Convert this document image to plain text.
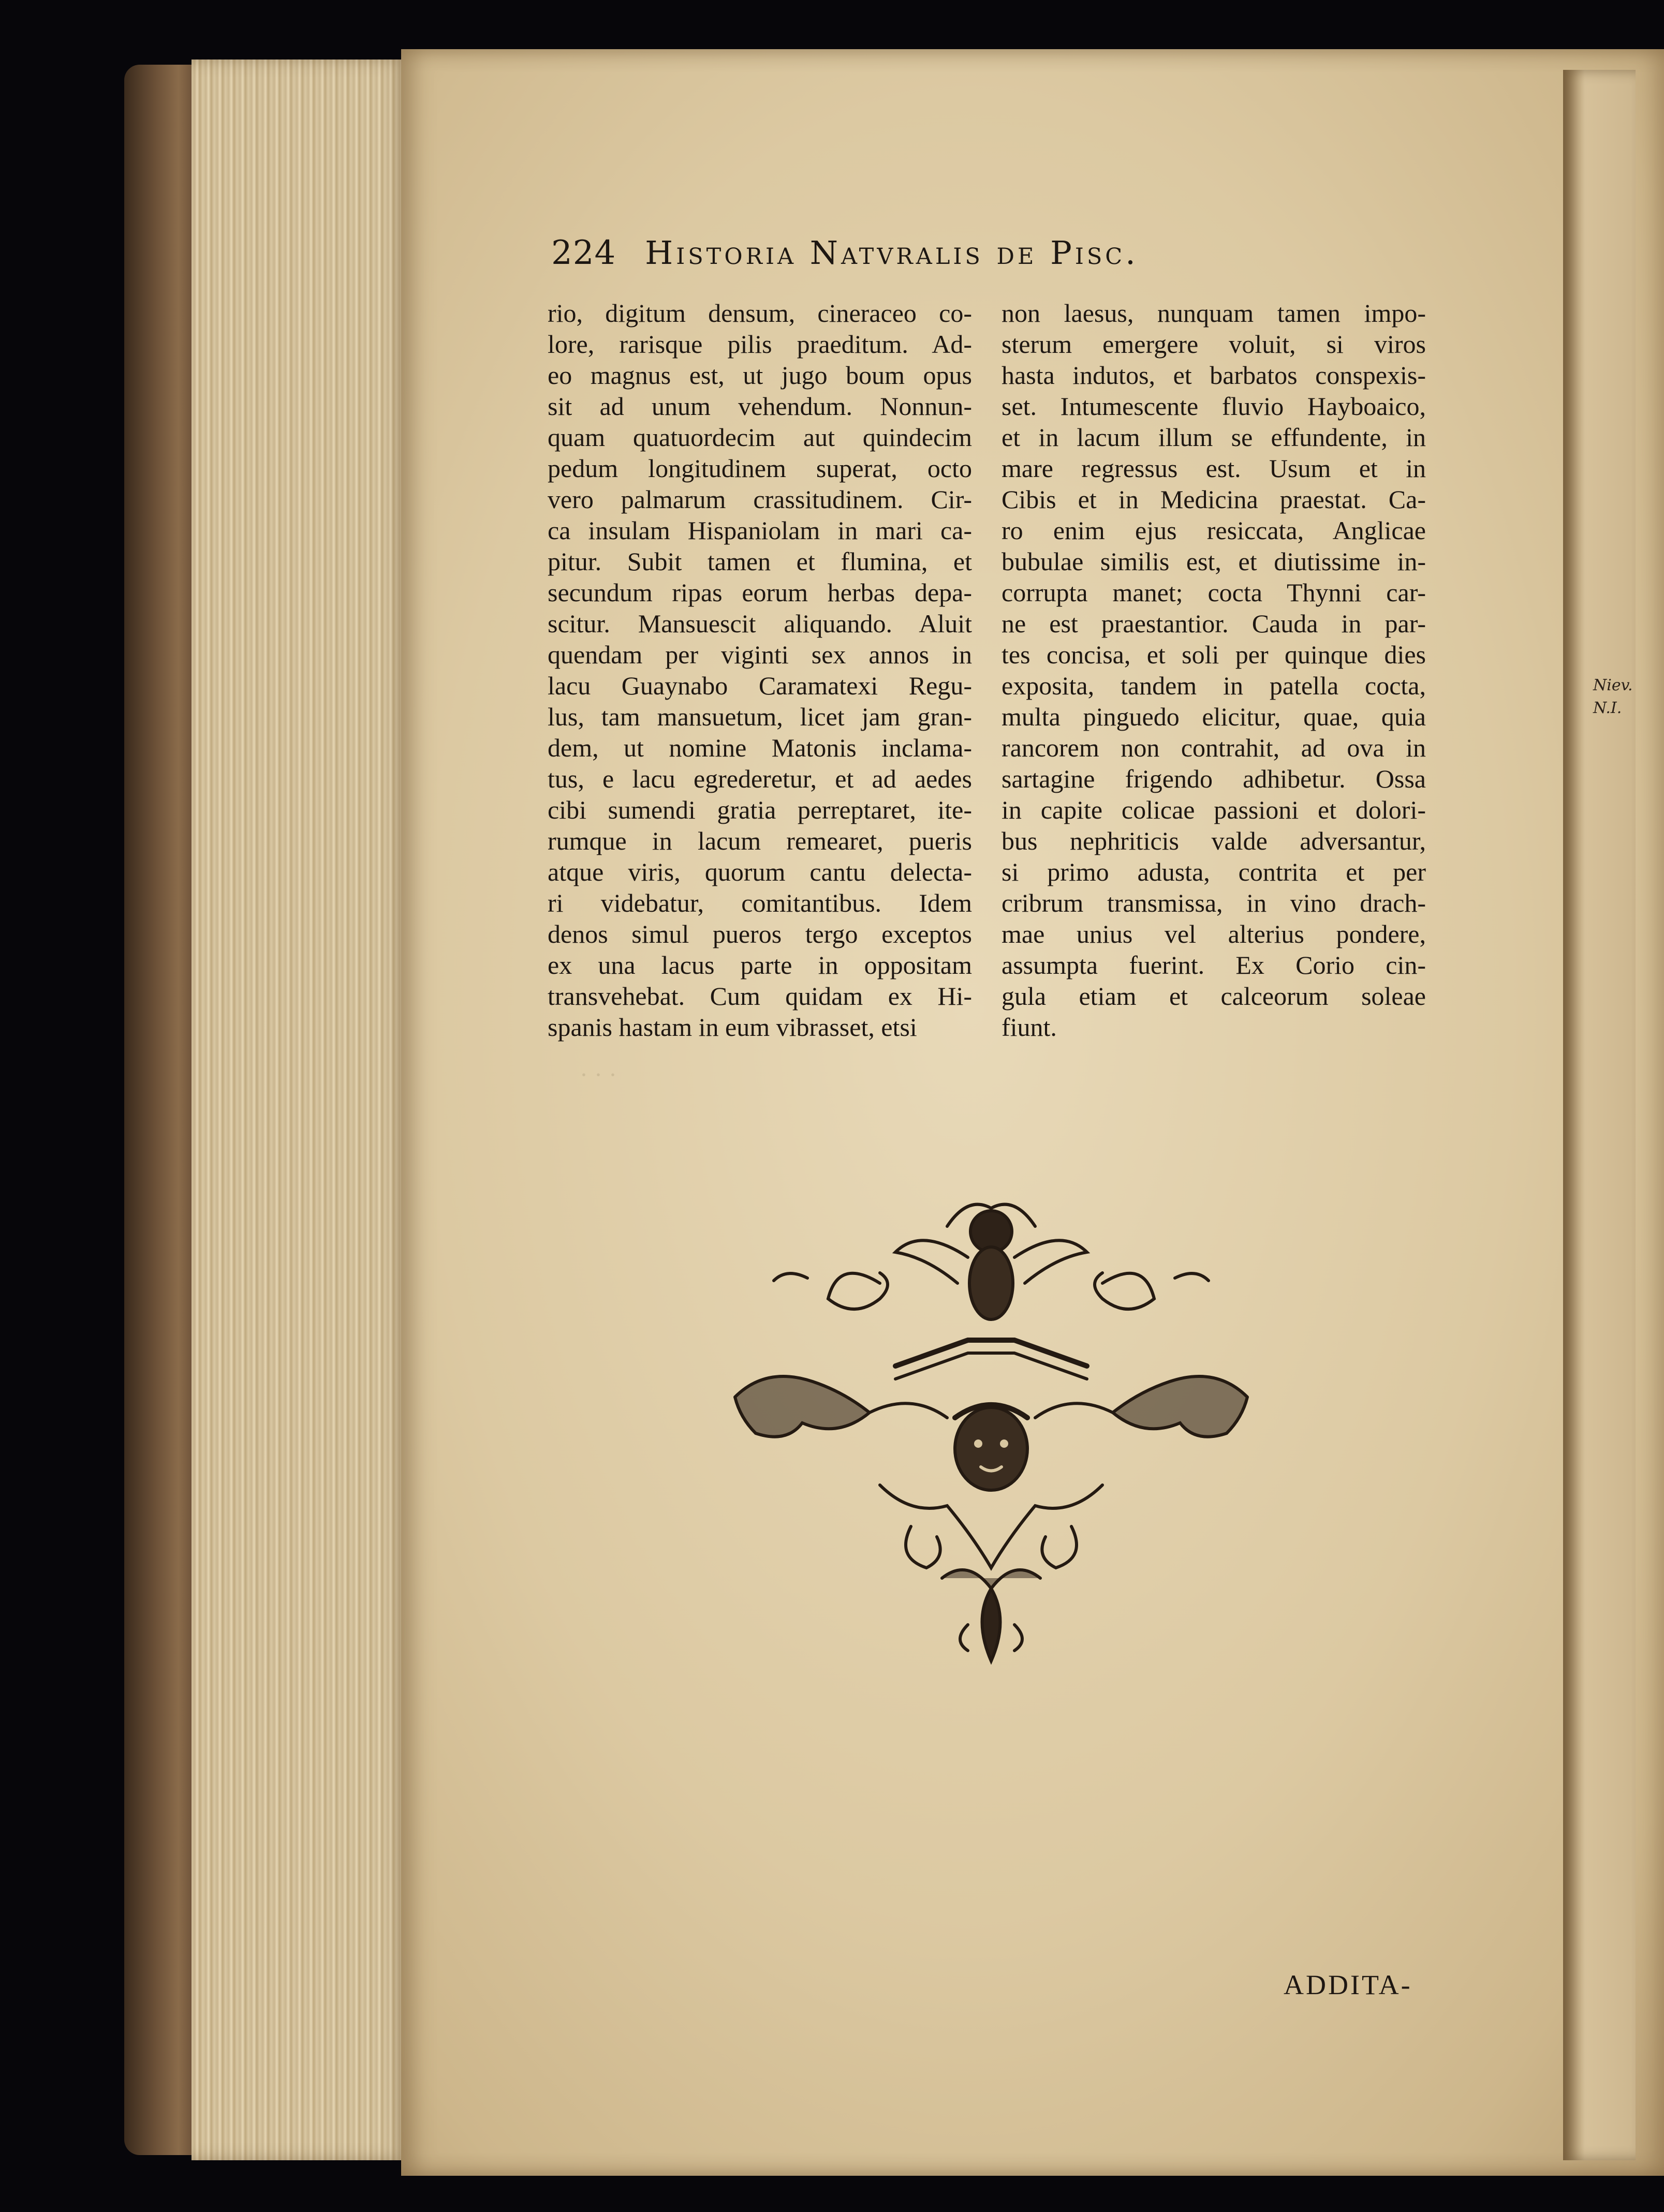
Niev.
N.I.
· · ·
224 Historia Natvralis de Pisc.
rio, digitum densum, cineraceo co-
lore, rarisque pilis praeditum. Ad-
eo magnus est, ut jugo boum opus
sit ad unum vehendum. Nonnun-
quam quatuordecim aut quindecim
pedum longitudinem superat, octo
vero palmarum crassitudinem. Cir-
ca insulam Hispaniolam in mari ca-
pitur. Subit tamen et flumina, et
secundum ripas eorum herbas depa-
scitur. Mansuescit aliquando. Aluit
quendam per viginti sex annos in
lacu Guaynabo Caramatexi Regu-
lus, tam mansuetum, licet jam gran-
dem, ut nomine Matonis inclama-
tus, e lacu egrederetur, et ad aedes
cibi sumendi gratia perreptaret, ite-
rumque in lacum remearet, pueris
atque viris, quorum cantu delecta-
ri videbatur, comitantibus. Idem
denos simul pueros tergo exceptos
ex una lacus parte in oppositam
transvehebat. Cum quidam ex Hi-
spanis hastam in eum vibrasset, etsi
non laesus, nunquam tamen impo-
sterum emergere voluit, si viros
hasta indutos, et barbatos conspexis-
set. Intumescente fluvio Hayboaico,
et in lacum illum se effundente, in
mare regressus est. Usum et in
Cibis et in Medicina praestat. Ca-
ro enim ejus resiccata, Anglicae
bubulae similis est, et diutissime in-
corrupta manet; cocta Thynni car-
ne est praestantior. Cauda in par-
tes concisa, et soli per quinque dies
exposita, tandem in patella cocta,
multa pinguedo elicitur, quae, quia
rancorem non contrahit, ad ova in
sartagine frigendo adhibetur. Ossa
in capite colicae passioni et dolori-
bus nephriticis valde adversantur,
si primo adusta, contrita et per
cribrum transmissa, in vino drach-
mae unius vel alterius pondere,
assumpta fuerint. Ex Corio cin-
gula etiam et calceorum soleae
fiunt.
ADDITA-
